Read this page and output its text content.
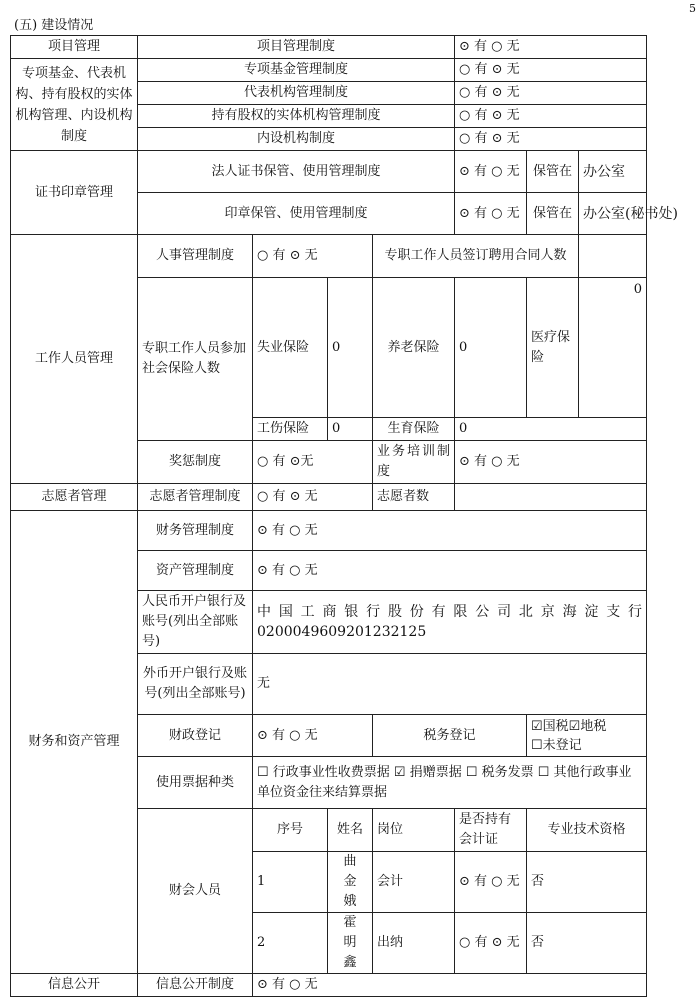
5
(五) 建设情况
项目管理	项目管理制度				⊙ 有 ○ 无		
专项基金、代表机构、持有股权的实体机构管理、内设机构制度	专项基金管理制度				○ 有 ⊙ 无		
	代表机构管理制度				○ 有 ⊙ 无		
	持有股权的实体机构管理制度				○ 有 ⊙ 无		
	内设机构制度				○ 有 ⊙ 无		
证书印章管理	法人证书保管、使用管理制度				⊙ 有 ○ 无	保管在	办公室
	印章保管、使用管理制度				⊙ 有 ○ 无	保管在	办公室(秘书处)
工作人员管理	人事管理制度	○ 有 ⊙ 无		专职工作人员签订聘用合同人数			
	专职工作人员参加社会保险人数	失业保险	0	养老保险	0	医疗保险	0

		工伤保险	0	生育保险	0		
	奖惩制度	○ 有 ⊙无		业务培训制度	⊙ 有 ○ 无		
志愿者管理	志愿者管理制度	○ 有 ⊙ 无		志愿者数			
财务和资产管理	财务管理制度	⊙ 有 ○ 无					
	资产管理制度	⊙ 有 ○ 无					
	人民币开户银行及账号(列出全部账号)	中国工商银行股份有限公司北京海淀支行
0200049609201232125					

	外币开户银行及账号(列出全部账号)	无					
	财政登记	⊙ 有 ○ 无		税务登记		☑国税☑地税
☐未登记	

	使用票据种类	☐ 行政事业性收费票据 ☑ 捐赠票据 ☐ 税务发票 ☐ 其他行政事业单位资金往来结算票据					
	财会人员	序号	姓名	岗位	是否持有会计证	专业技术资格	
		1	曲金娥	会计	⊙ 有 ○ 无	否	
		2	霍明鑫	出纳	○ 有 ⊙ 无	否	

信息公开	信息公开制度	⊙ 有 ○ 无					
